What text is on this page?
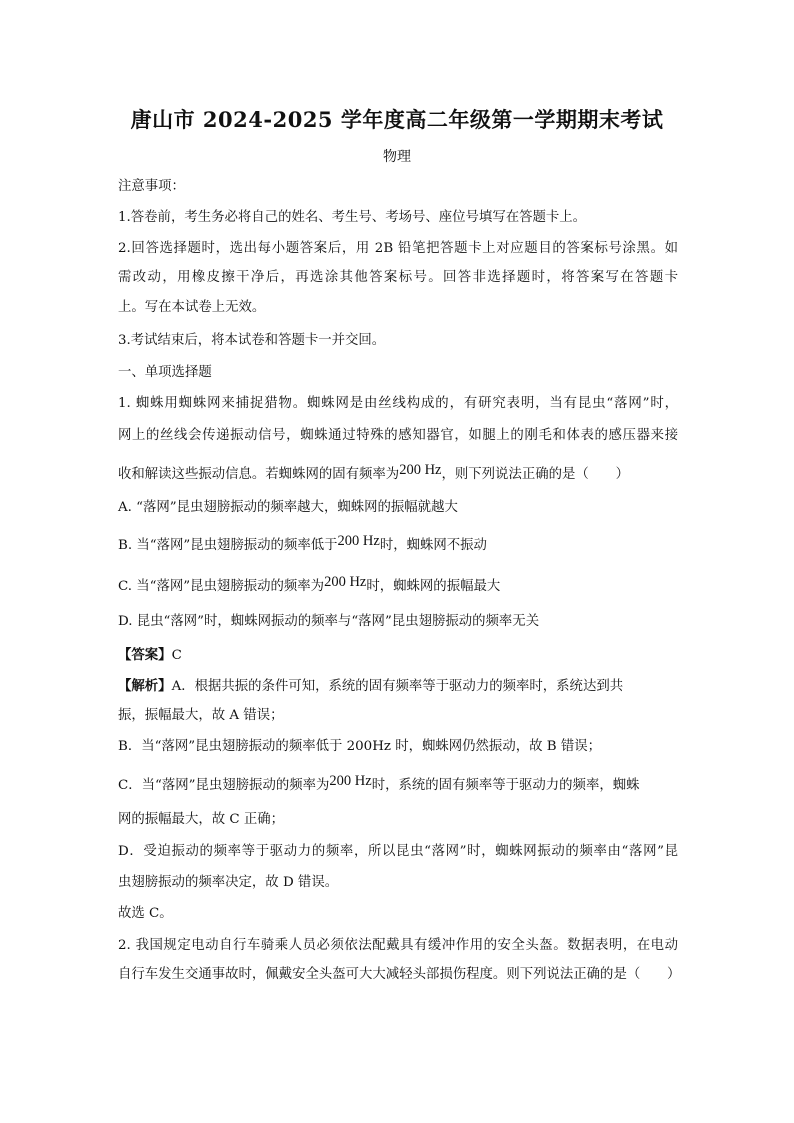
唐山市 2024-2025 学年度高二年级第一学期期末考试
物理
注意事项：
1.答卷前，考生务必将自己的姓名、考生号、考场号、座位号填写在答题卡上。
2.回答选择题时，选出每小题答案后，用 2B 铅笔把答题卡上对应题目的答案标号涂黑。如
需改动，用橡皮擦干净后，再选涂其他答案标号。回答非选择题时，将答案写在答题卡
上。写在本试卷上无效。
3.考试结束后，将本试卷和答题卡一并交回。
一、单项选择题
1. 蜘蛛用蜘蛛网来捕捉猎物。蜘蛛网是由丝线构成的，有研究表明，当有昆虫“落网”时，
网上的丝线会传递振动信号，蜘蛛通过特殊的感知器官，如腿上的刚毛和体表的感压器来接
收和解读这些振动信息。若蜘蛛网的固有频率为200 Hz，则下列说法正确的是（　　）
A. “落网”昆虫翅膀振动的频率越大，蜘蛛网的振幅就越大
B. 当“落网”昆虫翅膀振动的频率低于200 Hz时，蜘蛛网不振动
C. 当“落网”昆虫翅膀振动的频率为200 Hz时，蜘蛛网的振幅最大
D. 昆虫“落网”时，蜘蛛网振动的频率与“落网”昆虫翅膀振动的频率无关
【答案】C
【解析】A．根据共振的条件可知，系统的固有频率等于驱动力的频率时，系统达到共
振，振幅最大，故 A 错误；
B．当“落网”昆虫翅膀振动的频率低于 200Hz 时，蜘蛛网仍然振动，故 B 错误；
C．当“落网”昆虫翅膀振动的频率为200 Hz时，系统的固有频率等于驱动力的频率，蜘蛛
网的振幅最大，故 C 正确；
D．受迫振动的频率等于驱动力的频率，所以昆虫“落网”时，蜘蛛网振动的频率由“落网”昆
虫翅膀振动的频率决定，故 D 错误。
故选 C。
2. 我国规定电动自行车骑乘人员必须依法配戴具有缓冲作用的安全头盔。数据表明，在电动
自行车发生交通事故时，佩戴安全头盔可大大减轻头部损伤程度。则下列说法正确的是（　　）
